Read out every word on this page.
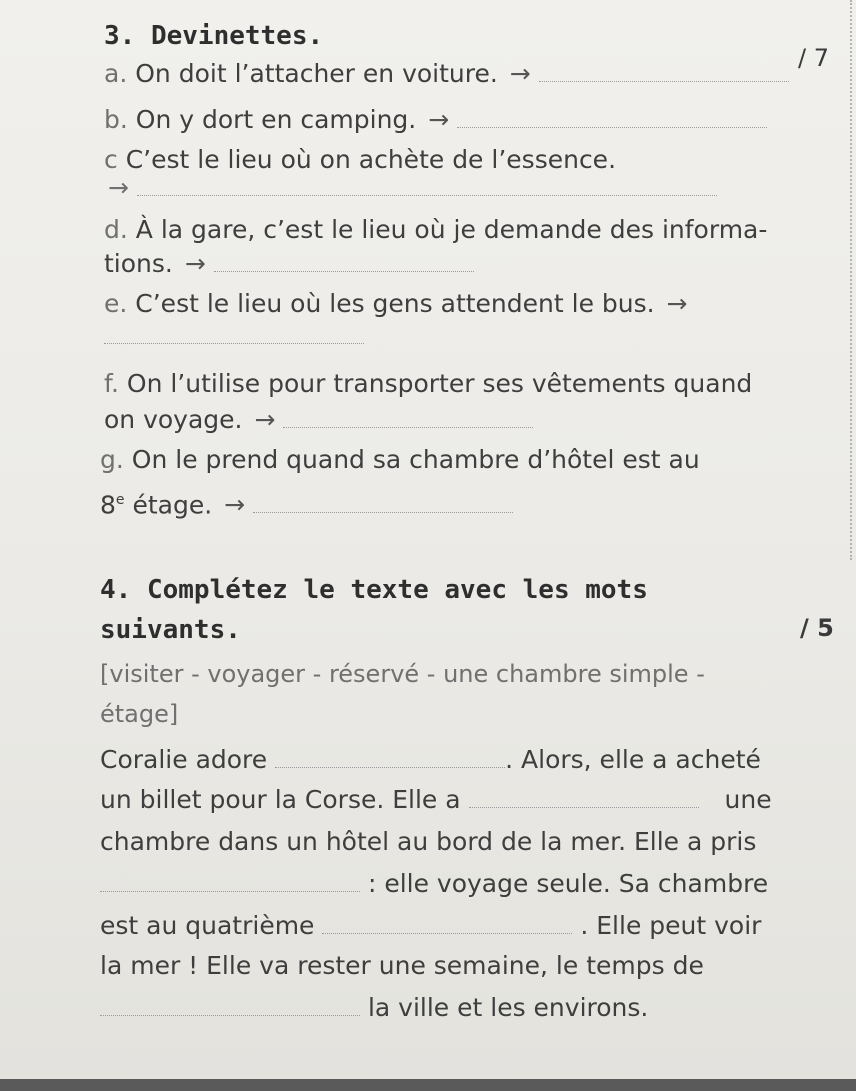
3. Devinettes.
/ 7
a. On doit l’attacher en voiture. →
b. On y dort en camping. →
c C’est le lieu où on achète de l’essence.
→
d. À la gare, c’est le lieu où je demande des informa-
tions. →
e. C’est le lieu où les gens attendent le bus. →
f. On l’utilise pour transporter ses vêtements quand
on voyage. →
g. On le prend quand sa chambre d’hôtel est au
8e étage. →
4. Complétez le texte avec les mots
suivants.	/ 5
[visiter - voyager - réservé - une chambre simple -
étage]
Coralie adore	. Alors, elle a acheté
un billet pour la Corse. Elle a	une
chambre dans un hôtel au bord de la mer. Elle a pris
: elle voyage seule. Sa chambre
est au quatrième	. Elle peut voir
la mer ! Elle va rester une semaine, le temps de
la ville et les environs.
